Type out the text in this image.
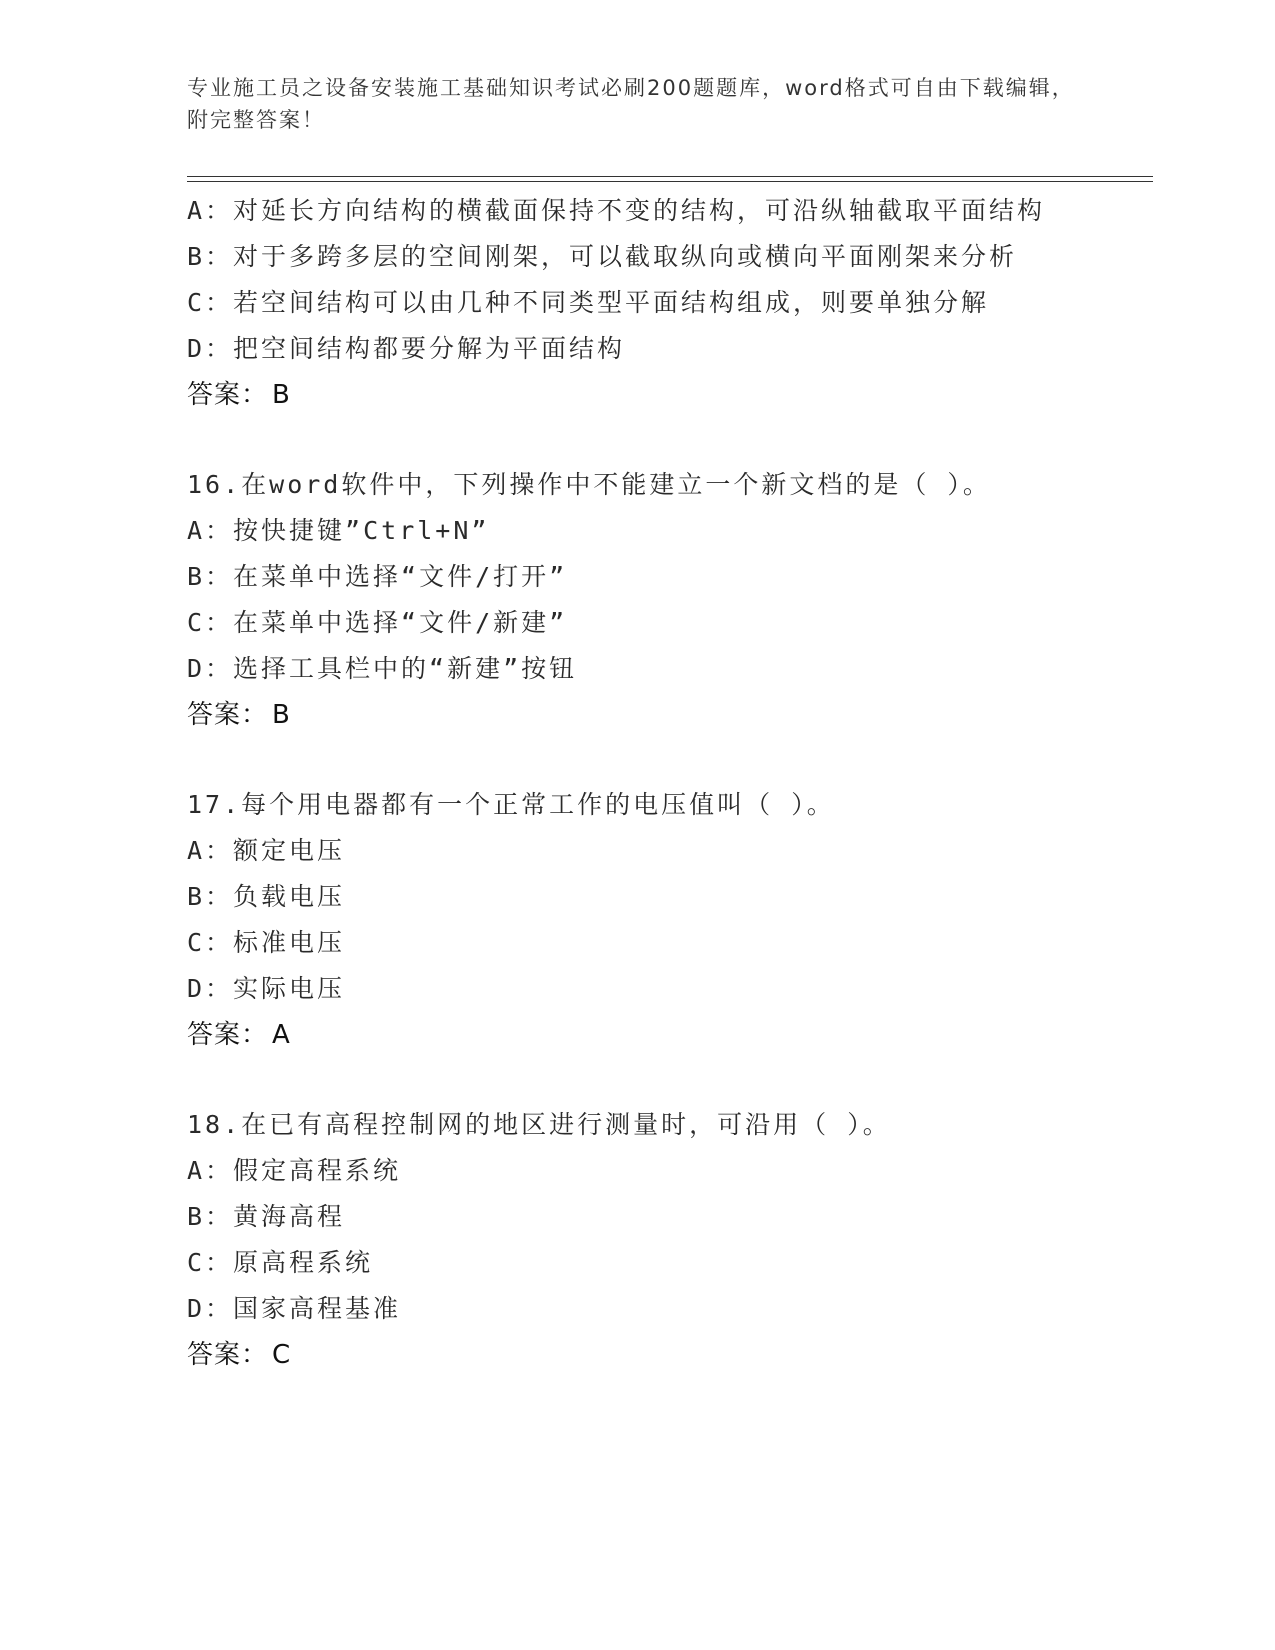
专业施工员之设备安装施工基础知识考试必刷200题题库，word格式可自由下载编辑，附完整答案！
A：对延长方向结构的横截面保持不变的结构，可沿纵轴截取平面结构
B：对于多跨多层的空间刚架，可以截取纵向或横向平面刚架来分析
C：若空间结构可以由几种不同类型平面结构组成，则要单独分解
D：把空间结构都要分解为平面结构
答案： B
16.在word软件中，下列操作中不能建立一个新文档的是（ ）。
A：按快捷键”Ctrl+N”
B：在菜单中选择“文件/打开”
C：在菜单中选择“文件/新建”
D：选择工具栏中的“新建”按钮
答案： B
17.每个用电器都有一个正常工作的电压值叫（ ）。
A：额定电压
B：负载电压
C：标准电压
D：实际电压
答案： A
18.在已有高程控制网的地区进行测量时，可沿用（ ）。
A：假定高程系统
B：黄海高程
C：原高程系统
D：国家高程基准
答案： C
